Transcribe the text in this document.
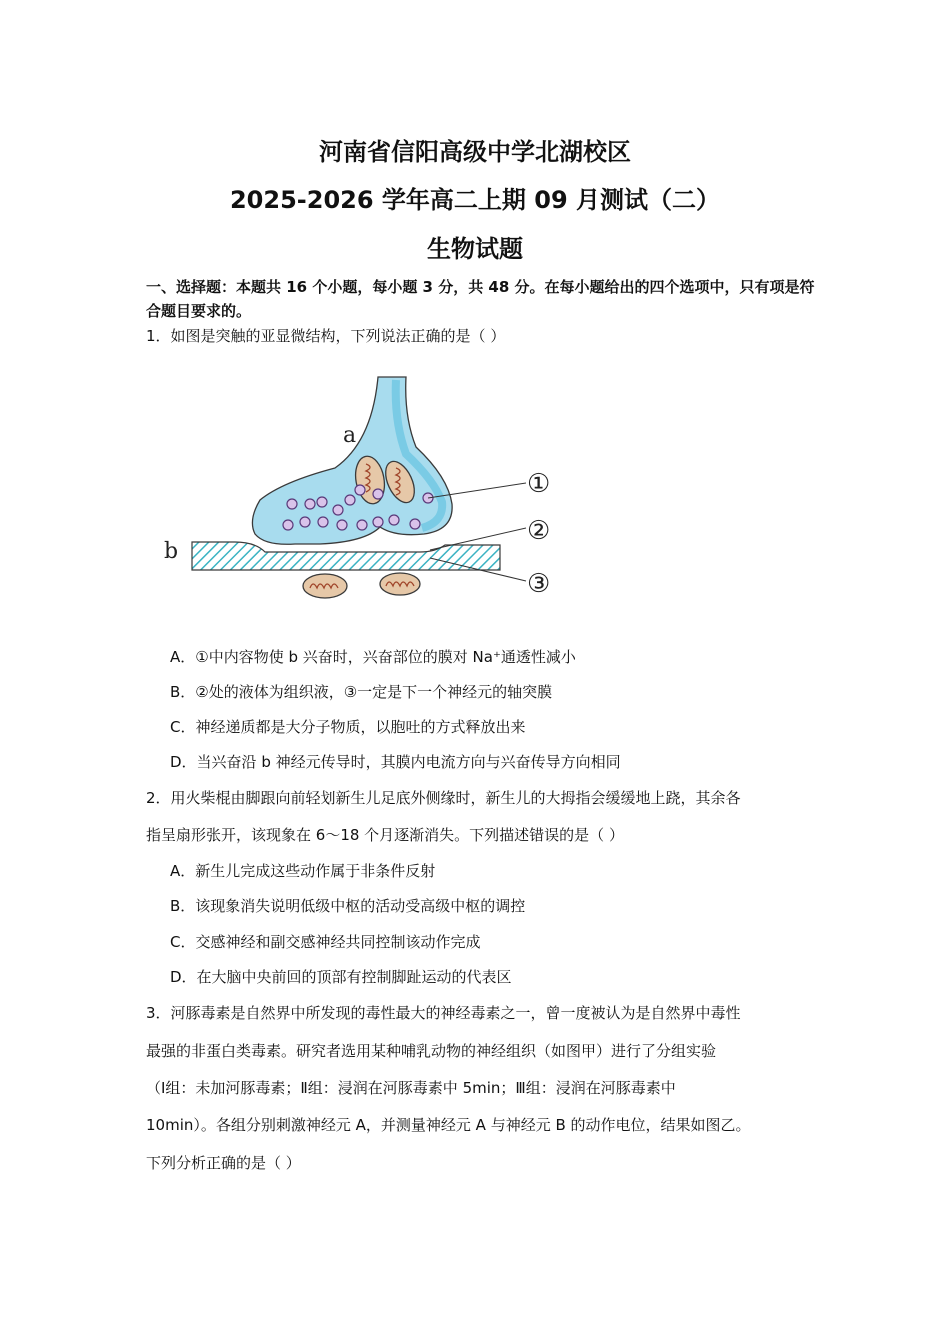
河南省信阳高级中学北湖校区
2025-2026 学年高二上期 09 月测试（二）
生物试题
一、选择题：本题共 16 个小题，每小题 3 分，共 48 分。在每小题给出的四个选项中，只有项是符合题目要求的。
1．如图是突触的亚显微结构，下列说法正确的是（ ）
a
b
①
②
③
A．①中内容物使 b 兴奋时，兴奋部位的膜对 Na⁺通透性减小
B．②处的液体为组织液，③一定是下一个神经元的轴突膜
C．神经递质都是大分子物质，以胞吐的方式释放出来
D．当兴奋沿 b 神经元传导时，其膜内电流方向与兴奋传导方向相同
2．用火柴棍由脚跟向前轻划新生儿足底外侧缘时，新生儿的大拇指会缓缓地上跷，其余各
指呈扇形张开，该现象在 6～18 个月逐渐消失。下列描述错误的是（ ）
A．新生儿完成这些动作属于非条件反射
B．该现象消失说明低级中枢的活动受高级中枢的调控
C．交感神经和副交感神经共同控制该动作完成
D．在大脑中央前回的顶部有控制脚趾运动的代表区
3．河豚毒素是自然界中所发现的毒性最大的神经毒素之一，曾一度被认为是自然界中毒性
最强的非蛋白类毒素。研究者选用某种哺乳动物的神经组织（如图甲）进行了分组实验
（Ⅰ组：未加河豚毒素；Ⅱ组：浸润在河豚毒素中 5min；Ⅲ组：浸润在河豚毒素中
10min）。各组分别刺激神经元 A，并测量神经元 A 与神经元 B 的动作电位，结果如图乙。
下列分析正确的是（ ）
